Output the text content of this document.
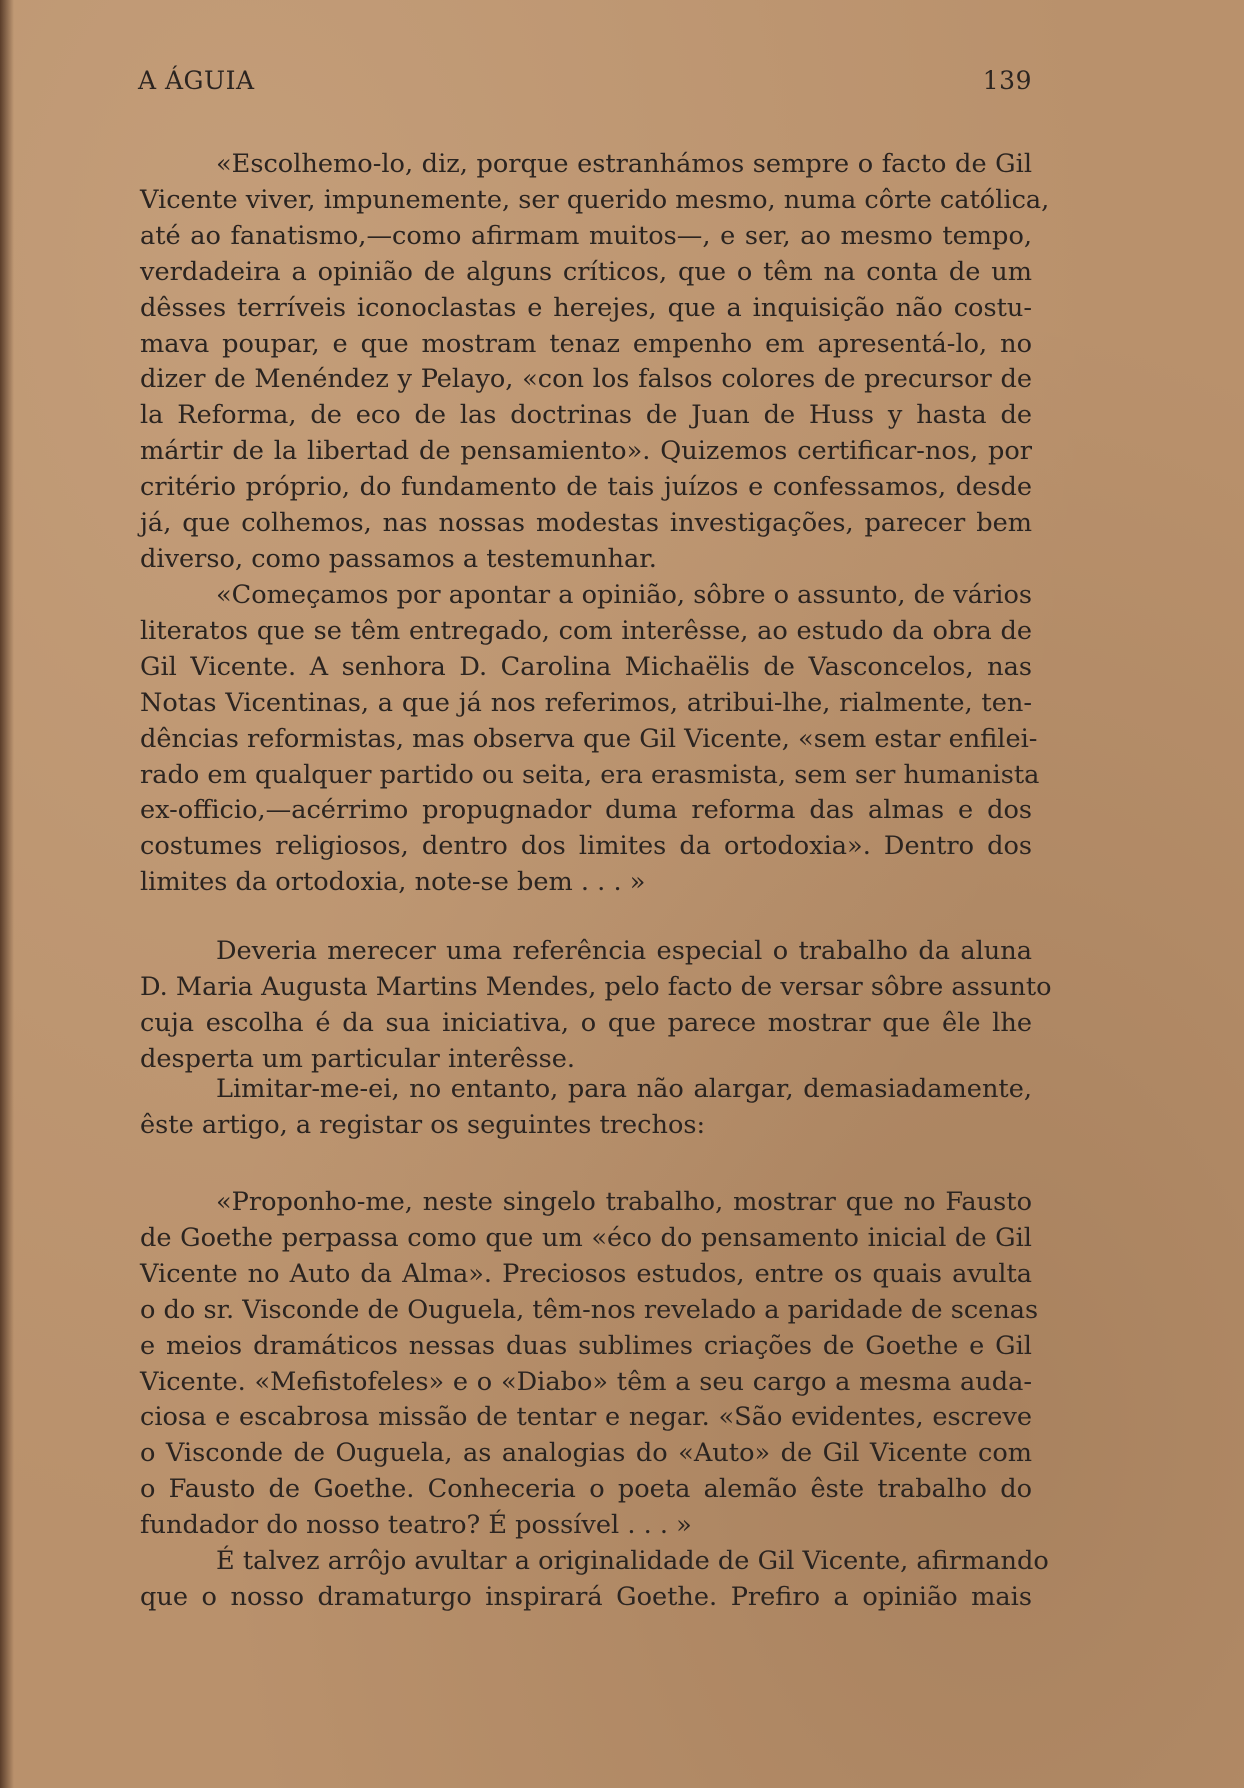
A ÁGUIA	139
«Escolhemo-lo, diz, porque estranhámos sempre o facto de Gil
Vicente viver, impunemente, ser querido mesmo, numa côrte católica,
até ao fanatismo,—como afirmam muitos—, e ser, ao mesmo tempo,
verdadeira a opinião de alguns críticos, que o têm na conta de um
dêsses terríveis iconoclastas e herejes, que a inquisição não costu-
mava poupar, e que mostram tenaz empenho em apresentá-lo, no
dizer de Menéndez y Pelayo, «con los falsos colores de precursor de
la Reforma, de eco de las doctrinas de Juan de Huss y hasta de
mártir de la libertad de pensamiento». Quizemos certificar-nos, por
critério próprio, do fundamento de tais juízos e confessamos, desde
já, que colhemos, nas nossas modestas investigações, parecer bem
diverso, como passamos a testemunhar.
«Começamos por apontar a opinião, sôbre o assunto, de vários
literatos que se têm entregado, com interêsse, ao estudo da obra de
Gil Vicente. A senhora D. Carolina Michaëlis de Vasconcelos, nas
Notas Vicentinas, a que já nos referimos, atribui-lhe, rialmente, ten-
dências reformistas, mas observa que Gil Vicente, «sem estar enfilei-
rado em qualquer partido ou seita, era erasmista, sem ser humanista
ex-officio,—acérrimo propugnador duma reforma das almas e dos
costumes religiosos, dentro dos limites da ortodoxia». Dentro dos
limites da ortodoxia, note-se bem . . . »
Deveria merecer uma referência especial o trabalho da aluna
D. Maria Augusta Martins Mendes, pelo facto de versar sôbre assunto
cuja escolha é da sua iniciativa, o que parece mostrar que êle lhe
desperta um particular interêsse.
Limitar-me-ei, no entanto, para não alargar, demasiadamente,
êste artigo, a registar os seguintes trechos:
«Proponho-me, neste singelo trabalho, mostrar que no Fausto
de Goethe perpassa como que um «éco do pensamento inicial de Gil
Vicente no Auto da Alma». Preciosos estudos, entre os quais avulta
o do sr. Visconde de Ouguela, têm-nos revelado a paridade de scenas
e meios dramáticos nessas duas sublimes criações de Goethe e Gil
Vicente. «Mefistofeles» e o «Diabo» têm a seu cargo a mesma auda-
ciosa e escabrosa missão de tentar e negar. «São evidentes, escreve
o Visconde de Ouguela, as analogias do «Auto» de Gil Vicente com
o Fausto de Goethe. Conheceria o poeta alemão êste trabalho do
fundador do nosso teatro? É possível . . . »
É talvez arrôjo avultar a originalidade de Gil Vicente, afirmando
que o nosso dramaturgo inspirará Goethe. Prefiro a opinião mais
